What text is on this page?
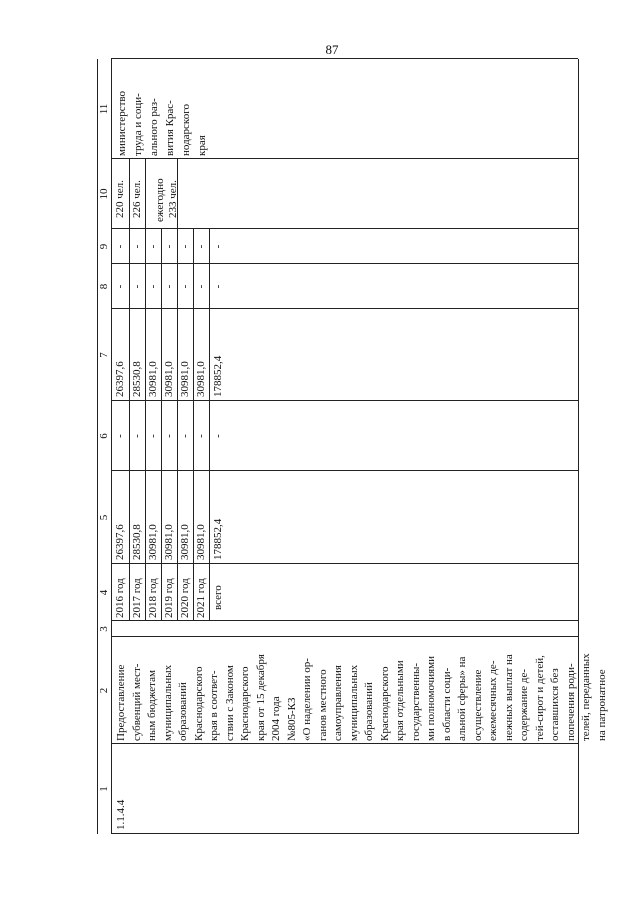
87
1
2
3
4
5
6
7
8
9
10
11
1.1.4.4
Предоставление субвенций мест- ным бюджетам муниципальных образований Краснодарского края в соответ- ствии с Законом Краснодарского края от 15 декабря 2004 года №805-КЗ «О наделении ор- ганов местного самоуправления муниципальных образований Краснодарского края отдельными государственны- ми полномочиями в области соци- альной сферы» на осуществление ежемесячных де- нежных выплат на содержание де- тей-сирот и детей, оставшихся без попечения роди- телей, переданных на патронатное
2016 год
26397,6
-
26397,6
-
-
2017 год
28530,8
-
28530,8
-
-
2018 год
30981,0
-
30981,0
-
-
2019 год
30981,0
-
30981,0
-
-
2020 год
30981,0
-
30981,0
-
-
2021 год
30981,0
-
30981,0
-
-
всего
178852,4
-
178852,4
-
-
220 чел. 226 чел. ежегодно 233 чел.
министерство труда и соци- ального раз- вития Крас- нодарского края
